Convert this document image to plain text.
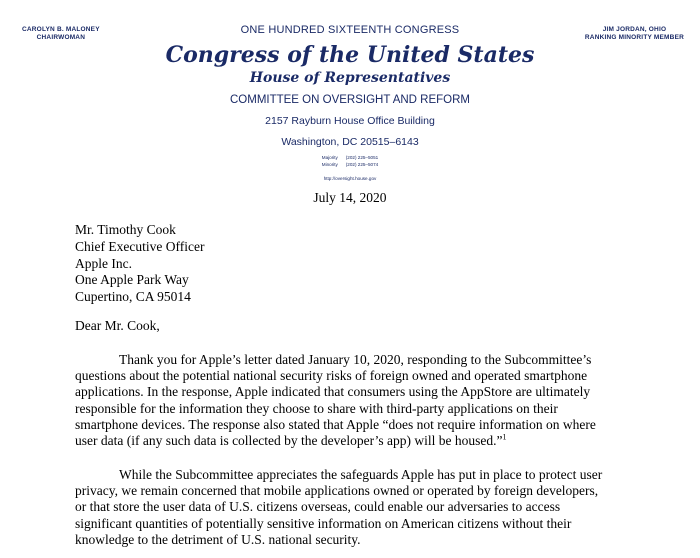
CAROLYN B. MALONEY
CHAIRWOMAN
JIM JORDAN, OHIO
RANKING MINORITY MEMBER
ONE HUNDRED SIXTEENTH CONGRESS
Congress of the United States
House of Representatives
COMMITTEE ON OVERSIGHT AND REFORM
2157 Rayburn House Office Building
Washington, DC 20515–6143
Majority (202) 225–5051
Minority (202) 225–5074
http://oversight.house.gov
July 14, 2020
Mr. Timothy Cook
Chief Executive Officer
Apple Inc.
One Apple Park Way
Cupertino, CA 95014
Dear Mr. Cook,
Thank you for Apple’s letter dated January 10, 2020, responding to the Subcommittee’s
questions about the potential national security risks of foreign owned and operated smartphone
applications. In the response, Apple indicated that consumers using the AppStore are ultimately
responsible for the information they choose to share with third-party applications on their
smartphone devices. The response also stated that Apple “does not require information on where
user data (if any such data is collected by the developer’s app) will be housed.”$^1$
While the Subcommittee appreciates the safeguards Apple has put in place to protect user
privacy, we remain concerned that mobile applications owned or operated by foreign developers,
or that store the user data of U.S. citizens overseas, could enable our adversaries to access
significant quantities of potentially sensitive information on American citizens without their
knowledge to the detriment of U.S. national security.
